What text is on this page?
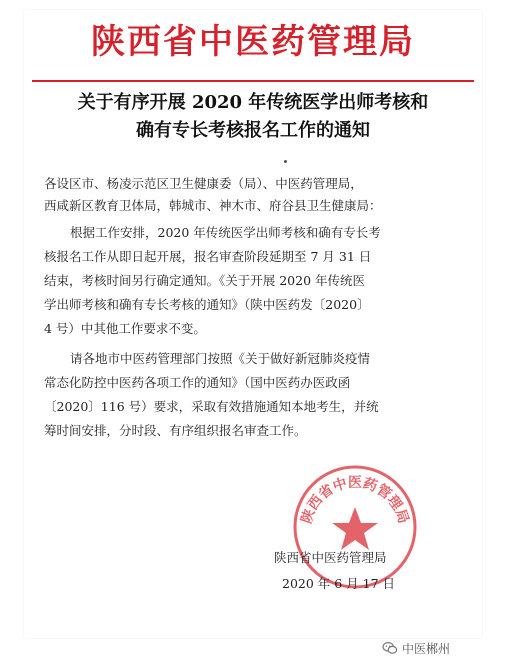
陕西省中医药管理局
关于有序开展 2020 年传统医学出师考核和
确有专长考核报名工作的通知
各设区市、杨凌示范区卫生健康委（局）、中医药管理局，
西咸新区教育卫体局，韩城市、神木市、府谷县卫生健康局：
根据工作安排，2020 年传统医学出师考核和确有专长考
核报名工作从即日起开展，报名审查阶段延期至 7 月 31 日
结束，考核时间另行确定通知。《关于开展 2020 年传统医
学出师考核和确有专长考核的通知》（陕中医药发〔2020〕
4 号）中其他工作要求不变。
请各地市中医药管理部门按照《关于做好新冠肺炎疫情
常态化防控中医药各项工作的通知》（国中医药办医政函
〔2020〕116 号）要求，采取有效措施通知本地考生，并统
筹时间安排，分时段、有序组织报名审查工作。
陕西省中医药管理局
陕西省中医药管理局
2020 年 6 月 17 日
中医郴州
